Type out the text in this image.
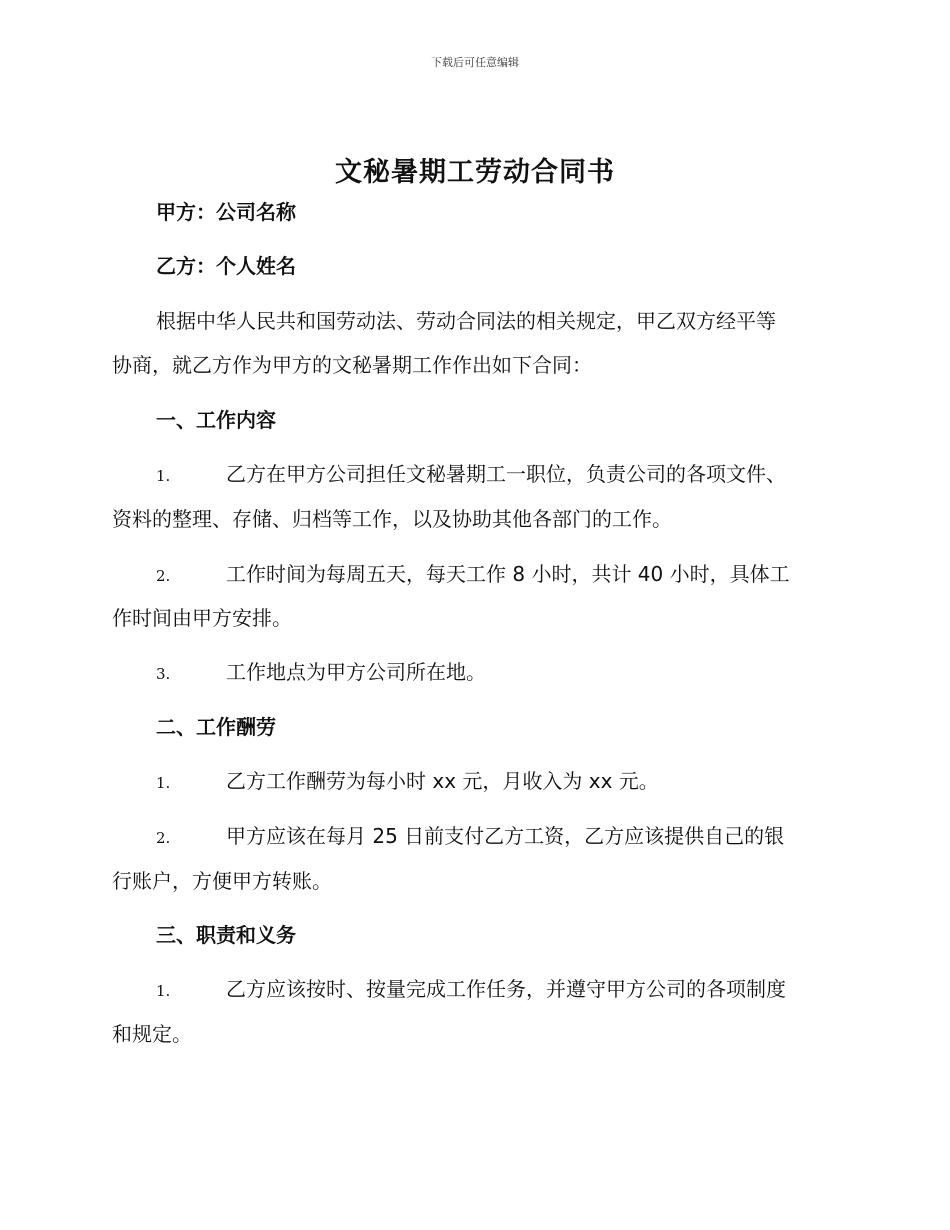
下载后可任意编辑
文秘暑期工劳动合同书
甲方：公司名称
乙方：个人姓名
根据中华人民共和国劳动法、劳动合同法的相关规定，甲乙双方经平等
协商，就乙方作为甲方的文秘暑期工作作出如下合同：
一、工作内容
1.	乙方在甲方公司担任文秘暑期工一职位，负责公司的各项文件、
资料的整理、存储、归档等工作，以及协助其他各部门的工作。
2.	工作时间为每周五天，每天工作 8 小时，共计 40 小时，具体工
作时间由甲方安排。
3.	工作地点为甲方公司所在地。
二、工作酬劳
1.	乙方工作酬劳为每小时 xx 元，月收入为 xx 元。
2.	甲方应该在每月 25 日前支付乙方工资，乙方应该提供自己的银
行账户，方便甲方转账。
三、职责和义务
1.	乙方应该按时、按量完成工作任务，并遵守甲方公司的各项制度
和规定。
